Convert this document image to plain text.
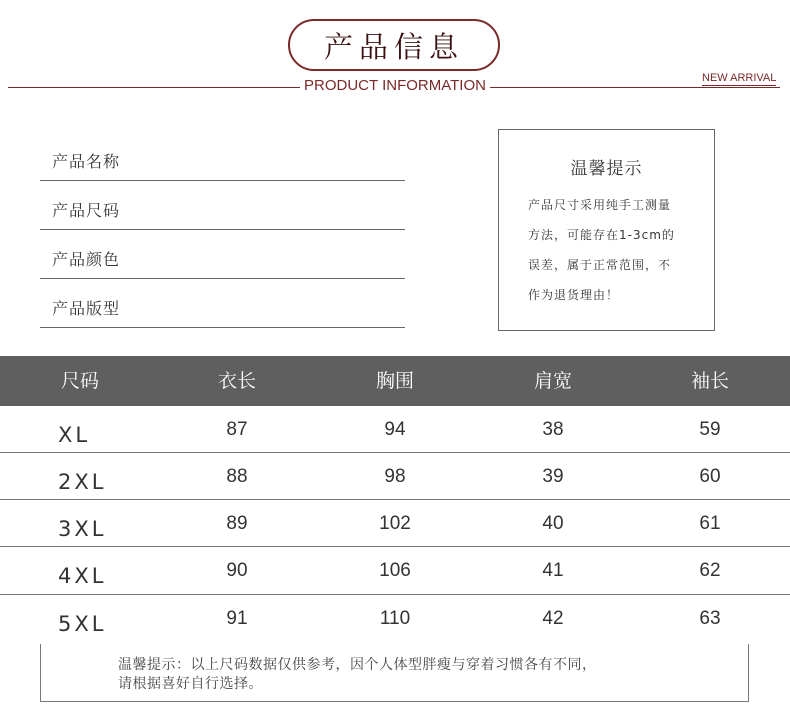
产品信息
PRODUCT INFORMATION	NEW ARRIVAL
产品名称
产品尺码
产品颜色
产品版型
温馨提示
产品尺寸采用纯手工测量
方法，可能存在1-3cm的
误差，属于正常范围，不
作为退货理由！
尺码	衣长	胸围	肩宽	袖长
XL	87	94	38	59
2XL	88	98	39	60
3XL	89	102	40	61
4XL	90	106	41	62
5XL	91	110	42	63
温馨提示：以上尺码数据仅供参考，因个人体型胖瘦与穿着习惯各有不同，
请根据喜好自行选择。
